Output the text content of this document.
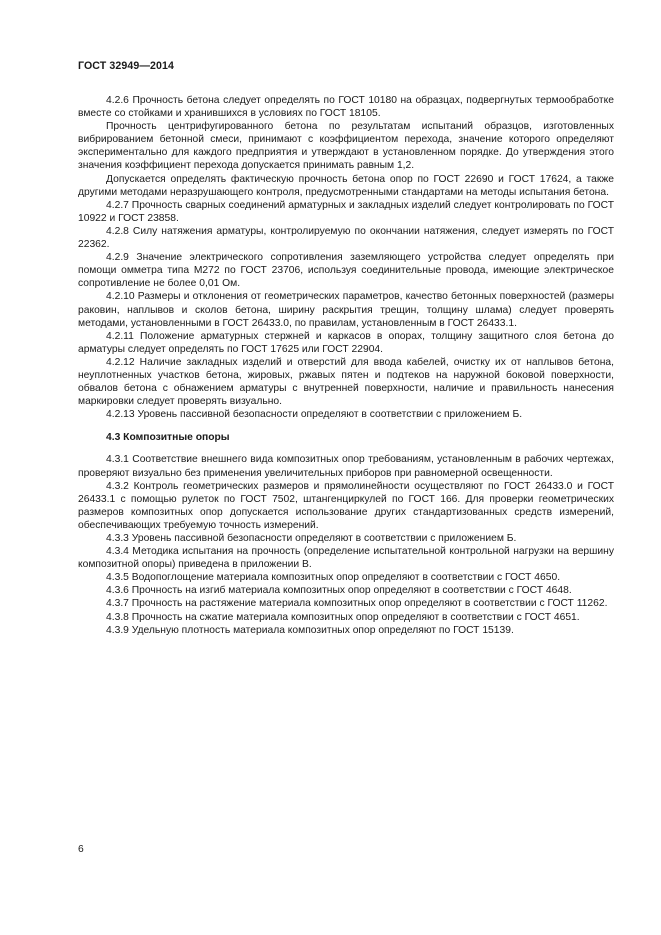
ГОСТ 32949—2014

4.2.6 Прочность бетона следует определять по ГОСТ 10180 на образцах, подвергнутых термообработке вместе со стойками и хранившихся в условиях по ГОСТ 18105.

Прочность центрифугированного бетона по результатам испытаний образцов, изготовленных вибрированием бетонной смеси, принимают с коэффициентом перехода, значение которого определяют экспериментально для каждого предприятия и утверждают в установленном порядке. До утверждения этого значения коэффициент перехода допускается принимать равным 1,2.

Допускается определять фактическую прочность бетона опор по ГОСТ 22690 и ГОСТ 17624, а также другими методами неразрушающего контроля, предусмотренными стандартами на методы испытания бетона.

4.2.7 Прочность сварных соединений арматурных и закладных изделий следует контролировать по ГОСТ 10922 и ГОСТ 23858.

4.2.8 Силу натяжения арматуры, контролируемую по окончании натяжения, следует измерять по ГОСТ 22362.

4.2.9 Значение электрического сопротивления заземляющего устройства следует определять при помощи омметра типа М272 по ГОСТ 23706, используя соединительные провода, имеющие электрическое сопротивление не более 0,01 Ом.

4.2.10 Размеры и отклонения от геометрических параметров, качество бетонных поверхностей (размеры раковин, наплывов и сколов бетона, ширину раскрытия трещин, толщину шлама) следует проверять методами, установленными в ГОСТ 26433.0, по правилам, установленным в ГОСТ 26433.1.

4.2.11 Положение арматурных стержней и каркасов в опорах, толщину защитного слоя бетона до арматуры следует определять по ГОСТ 17625 или ГОСТ 22904.

4.2.12 Наличие закладных изделий и отверстий для ввода кабелей, очистку их от наплывов бетона, неуплотненных участков бетона, жировых, ржавых пятен и подтеков на наружной боковой поверхности, обвалов бетона с обнажением арматуры с внутренней поверхности, наличие и правильность нанесения маркировки следует проверять визуально.

4.2.13 Уровень пассивной безопасности определяют в соответствии с приложением Б.

4.3 Композитные опоры

4.3.1 Соответствие внешнего вида композитных опор требованиям, установленным в рабочих чертежах, проверяют визуально без применения увеличительных приборов при равномерной освещенности.

4.3.2 Контроль геометрических размеров и прямолинейности осуществляют по ГОСТ 26433.0 и ГОСТ 26433.1 с помощью рулеток по ГОСТ 7502, штангенциркулей по ГОСТ 166. Для проверки геометрических размеров композитных опор допускается использование других стандартизованных средств измерений, обеспечивающих требуемую точность измерений.

4.3.3 Уровень пассивной безопасности определяют в соответствии с приложением Б.

4.3.4 Методика испытания на прочность (определение испытательной контрольной нагрузки на вершину композитной опоры) приведена в приложении В.

4.3.5 Водопоглощение материала композитных опор определяют в соответствии с ГОСТ 4650.

4.3.6 Прочность на изгиб материала композитных опор определяют в соответствии с ГОСТ 4648.

4.3.7 Прочность на растяжение материала композитных опор определяют в соответствии с ГОСТ 11262.

4.3.8 Прочность на сжатие материала композитных опор определяют в соответствии с ГОСТ 4651.

4.3.9 Удельную плотность материала композитных опор определяют по ГОСТ 15139.

6
